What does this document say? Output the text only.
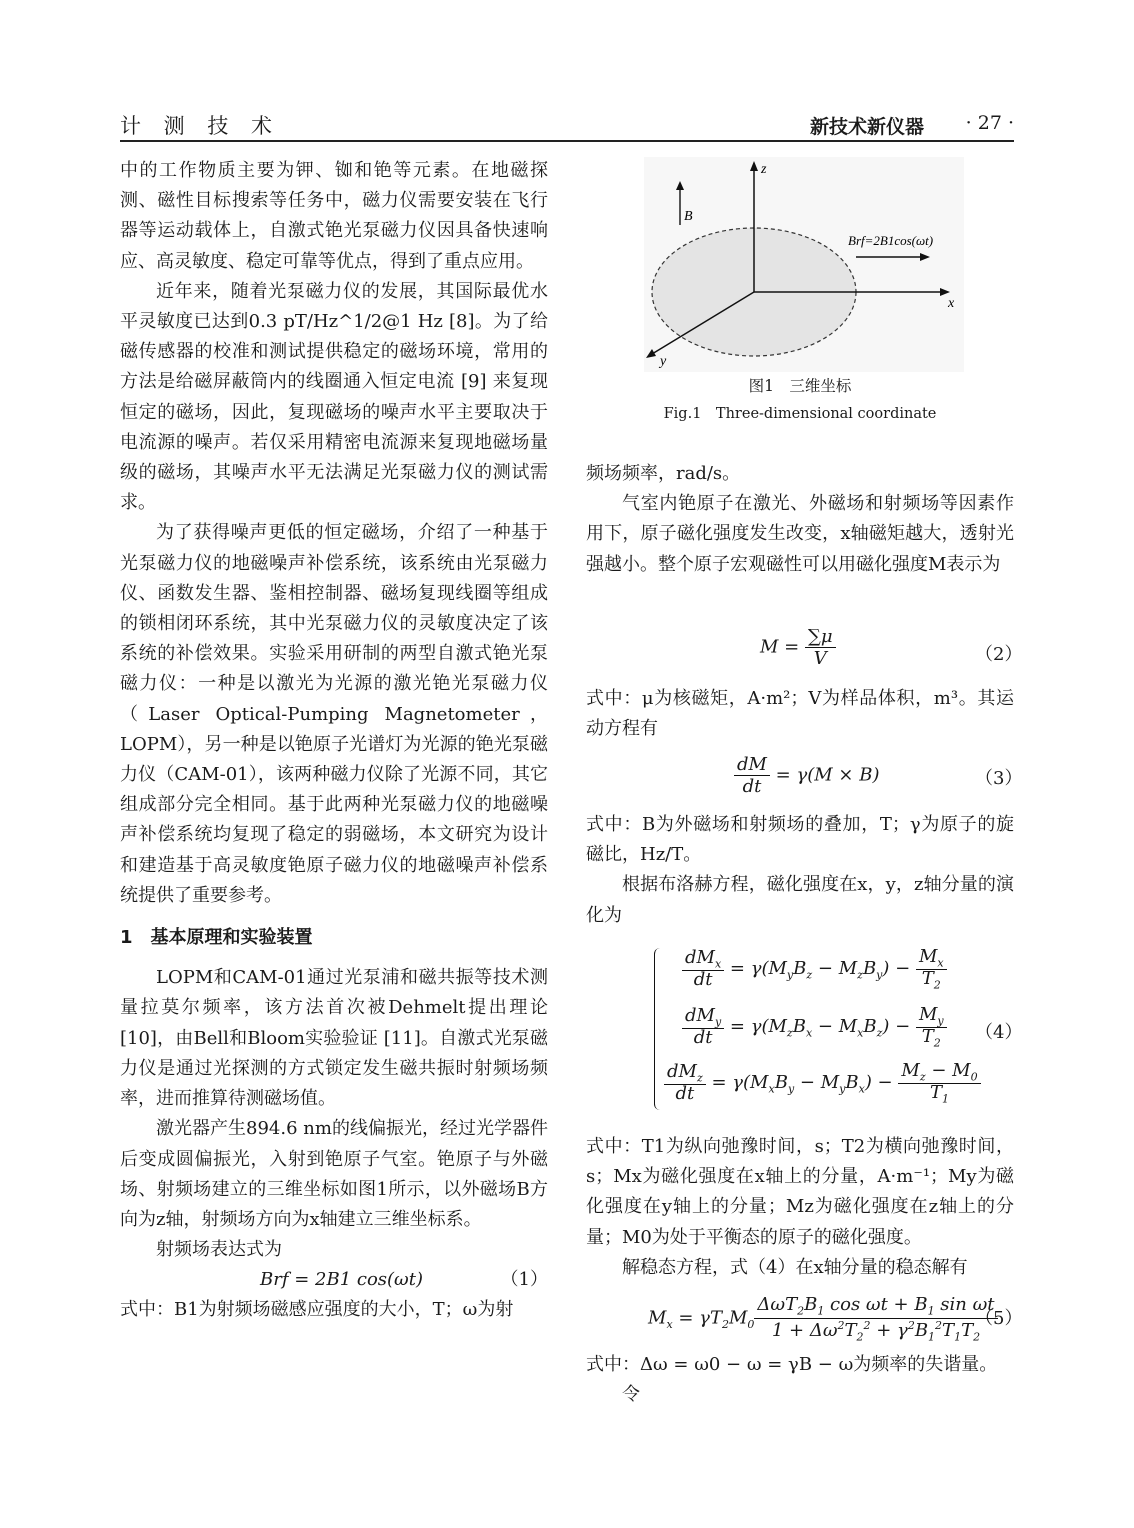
计 测 技 术	新技术新仪器 · 27 ·

中的工作物质主要为钾、铷和铯等元素。在地磁探测、磁性目标搜索等任务中，磁力仪需要安装在飞行器等运动载体上，自激式铯光泵磁力仪因具备快速响应、高灵敏度、稳定可靠等优点，得到了重点应用。

近年来，随着光泵磁力仪的发展，其国际最优水平灵敏度已达到0.3 pT/Hz^1/2@1 Hz [8]。为了给磁传感器的校准和测试提供稳定的磁场环境，常用的方法是给磁屏蔽筒内的线圈通入恒定电流 [9] 来复现恒定的磁场，因此，复现磁场的噪声水平主要取决于电流源的噪声。若仅采用精密电流源来复现地磁场量级的磁场，其噪声水平无法满足光泵磁力仪的测试需求。

为了获得噪声更低的恒定磁场，介绍了一种基于光泵磁力仪的地磁噪声补偿系统，该系统由光泵磁力仪、函数发生器、鉴相控制器、磁场复现线圈等组成的锁相闭环系统，其中光泵磁力仪的灵敏度决定了该系统的补偿效果。实验采用研制的两型自激式铯光泵磁力仪：一种是以激光为光源的激光铯光泵磁力仪（Laser Optical-Pumping Magnetometer，LOPM），另一种是以铯原子光谱灯为光源的铯光泵磁力仪（CAM-01），该两种磁力仪除了光源不同，其它组成部分完全相同。基于此两种光泵磁力仪的地磁噪声补偿系统均复现了稳定的弱磁场，本文研究为设计和建造基于高灵敏度铯原子磁力仪的地磁噪声补偿系统提供了重要参考。

1 基本原理和实验装置

LOPM和CAM-01通过光泵浦和磁共振等技术测量拉莫尔频率，该方法首次被Dehmelt提出理论 [10]，由Bell和Bloom实验验证 [11]。自激式光泵磁力仪是通过光探测的方式锁定发生磁共振时射频场频率，进而推算待测磁场值。

激光器产生894.6 nm的线偏振光，经过光学器件后变成圆偏振光，入射到铯原子气室。铯原子与外磁场、射频场建立的三维坐标如图1所示，以外磁场B方向为z轴，射频场方向为x轴建立三维坐标系。

射频场表达式为

Brf = 2B1 cos(ωt)	（1）

式中：B1为射频场磁感应强度的大小，T；ω为射

z
x
y
B
Brf=2B1cos(ωt)
图1　三维坐标
Fig.1　Three-dimensional coordinate

频场频率，rad/s。

气室内铯原子在激光、外磁场和射频场等因素作用下，原子磁化强度发生改变，x轴磁矩越大，透射光强越小。整个原子宏观磁性可以用磁化强度M表示为

$M = \frac{\sum\mu}{V}$	（2）

式中：μ为核磁矩，A·m²；V为样品体积，m³。其运动方程有

$\frac{dM}{dt} = \gamma(M \times B)$	（3）

式中：B为外磁场和射频场的叠加，T；γ为原子的旋磁比，Hz/T。

根据布洛赫方程，磁化强度在x，y，z轴分量的演化为

$\frac{dM_x}{dt} = \gamma(M_yB_z - M_zB_y) - \frac{M_x}{T_2}$
$\frac{dM_y}{dt} = \gamma(M_zB_x - M_xB_z) - \frac{M_y}{T_2}$
$\frac{dM_z}{dt} = \gamma(M_xB_y - M_yB_x) - \frac{M_z - M_0}{T_1}$
（4）

式中：T1为纵向弛豫时间，s；T2为横向弛豫时间，s；Mx为磁化强度在x轴上的分量，A·m⁻¹；My为磁化强度在y轴上的分量；Mz为磁化强度在z轴上的分量；M0为处于平衡态的原子的磁化强度。

解稳态方程，式（4）在x轴分量的稳态解有

$M_x = \gamma T_2M_0 \frac{\Delta\omega T_2B_1 \cos \omega t + B_1 \sin \omega t}{1 + \Delta\omega^2T_2^2 + \gamma^2B_1^2T_1T_2}$
（5）

式中：Δω = ω0 − ω = γB − ω为频率的失谐量。

令
